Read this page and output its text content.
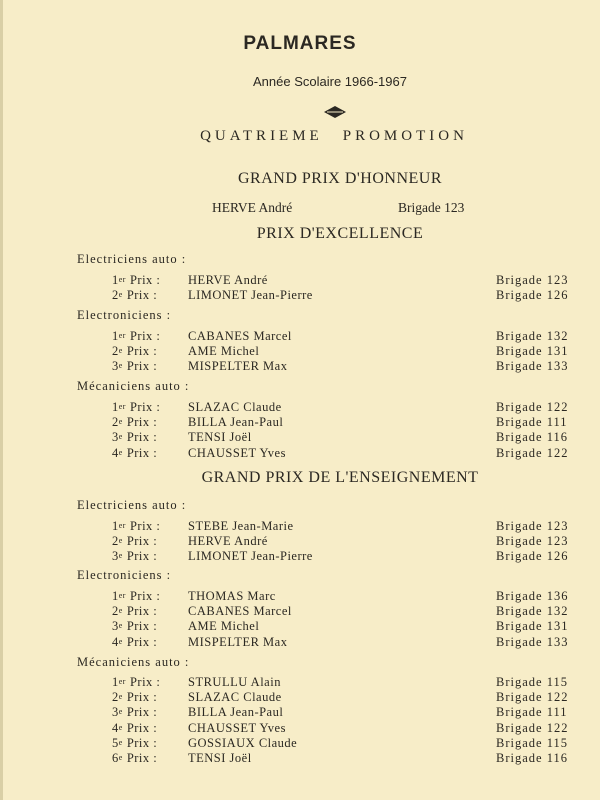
PALMARES
Année Scolaire 1966-1967
QUATRIEME PROMOTION
GRAND PRIX D'HONNEUR
HERVE André	Brigade 123
PRIX D'EXCELLENCE
Electriciens auto :
1er Prix : HERVE André	Brigade 123
2e Prix : LIMONET Jean-Pierre	Brigade 126
Electroniciens :
1er Prix : CABANES Marcel	Brigade 132
2e Prix : AME Michel	Brigade 131
3e Prix : MISPELTER Max	Brigade 133
Mécaniciens auto :
1er Prix : SLAZAC Claude	Brigade 122
2e Prix : BILLA Jean-Paul	Brigade 111
3e Prix : TENSI Joël	Brigade 116
4e Prix : CHAUSSET Yves	Brigade 122
GRAND PRIX DE L'ENSEIGNEMENT
Electriciens auto :
1er Prix : STEBE Jean-Marie	Brigade 123
2e Prix : HERVE André	Brigade 123
3e Prix : LIMONET Jean-Pierre	Brigade 126
Electroniciens :
1er Prix : THOMAS Marc	Brigade 136
2e Prix : CABANES Marcel	Brigade 132
3e Prix : AME Michel	Brigade 131
4e Prix : MISPELTER Max	Brigade 133
Mécaniciens auto :
1er Prix : STRULLU Alain	Brigade 115
2e Prix : SLAZAC Claude	Brigade 122
3e Prix : BILLA Jean-Paul	Brigade 111
4e Prix : CHAUSSET Yves	Brigade 122
5e Prix : GOSSIAUX Claude	Brigade 115
6e Prix : TENSI Joël	Brigade 116
